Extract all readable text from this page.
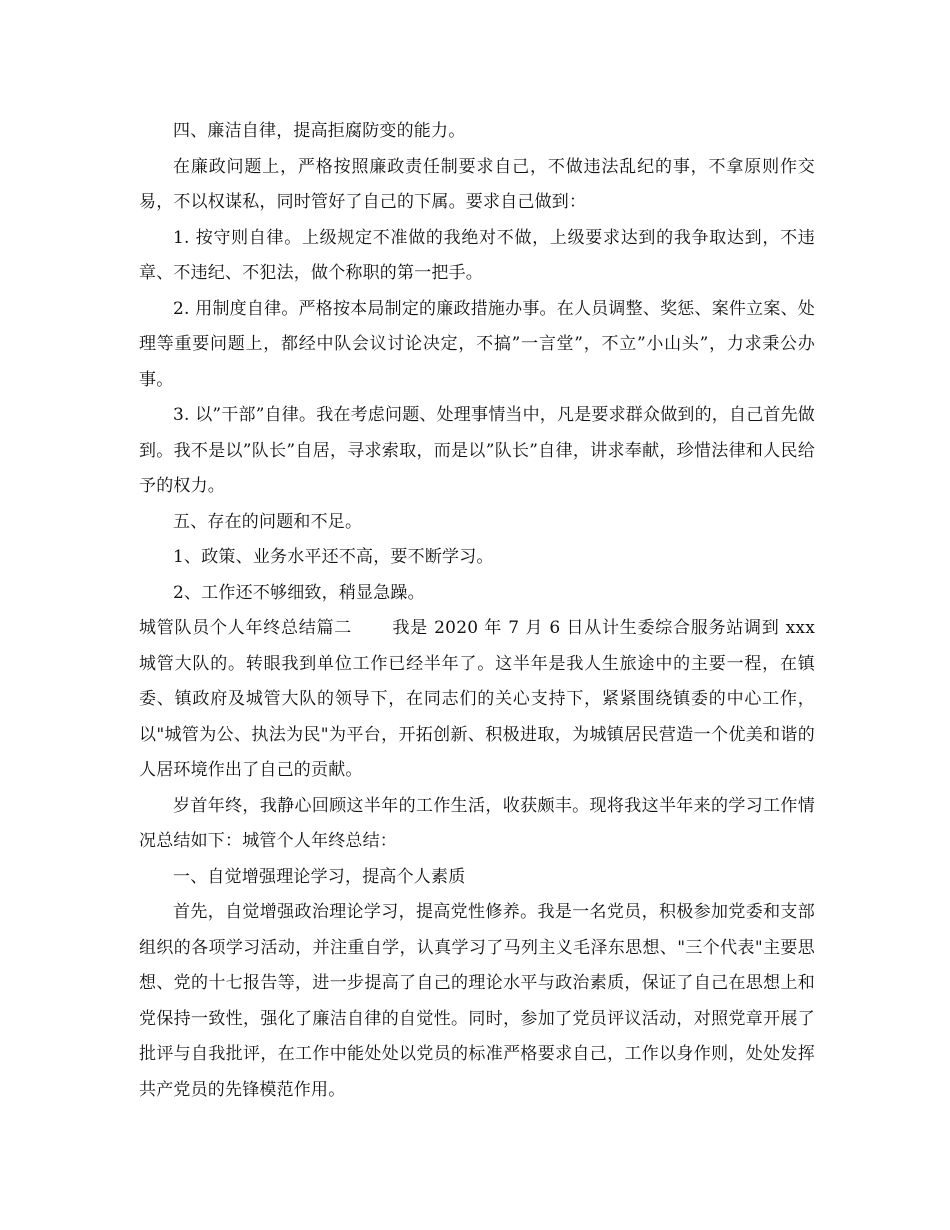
四、廉洁自律，提高拒腐防变的能力。

在廉政问题上，严格按照廉政责任制要求自己，不做违法乱纪的事，不拿原则作交易，不以权谋私，同时管好了自己的下属。要求自己做到：

1. 按守则自律。上级规定不准做的我绝对不做，上级要求达到的我争取达到，不违章、不违纪、不犯法，做个称职的第一把手。

2. 用制度自律。严格按本局制定的廉政措施办事。在人员调整、奖惩、案件立案、处理等重要问题上，都经中队会议讨论决定，不搞”一言堂”，不立”小山头”，力求秉公办事。

3. 以”干部”自律。我在考虑问题、处理事情当中，凡是要求群众做到的，自己首先做到。我不是以”队长”自居，寻求索取，而是以”队长”自律，讲求奉献，珍惜法律和人民给予的权力。

五、存在的问题和不足。

1、政策、业务水平还不高，要不断学习。

2、工作还不够细致，稍显急躁。

城管队员个人年终总结篇二 我是 2020 年 7 月 6 日从计生委综合服务站调到 xxx 城管大队的。转眼我到单位工作已经半年了。这半年是我人生旅途中的主要一程，在镇委、镇政府及城管大队的领导下，在同志们的关心支持下，紧紧围绕镇委的中心工作，以"城管为公、执法为民"为平台，开拓创新、积极进取，为城镇居民营造一个优美和谐的人居环境作出了自己的贡献。

岁首年终，我静心回顾这半年的工作生活，收获颇丰。现将我这半年来的学习工作情况总结如下：城管个人年终总结：

一、自觉增强理论学习，提高个人素质

首先，自觉增强政治理论学习，提高党性修养。我是一名党员，积极参加党委和支部组织的各项学习活动，并注重自学，认真学习了马列主义毛泽东思想、"三个代表"主要思想、党的十七报告等，进一步提高了自己的理论水平与政治素质，保证了自己在思想上和党保持一致性，强化了廉洁自律的自觉性。同时，参加了党员评议活动，对照党章开展了批评与自我批评，在工作中能处处以党员的标准严格要求自己，工作以身作则，处处发挥共产党员的先锋模范作用。
